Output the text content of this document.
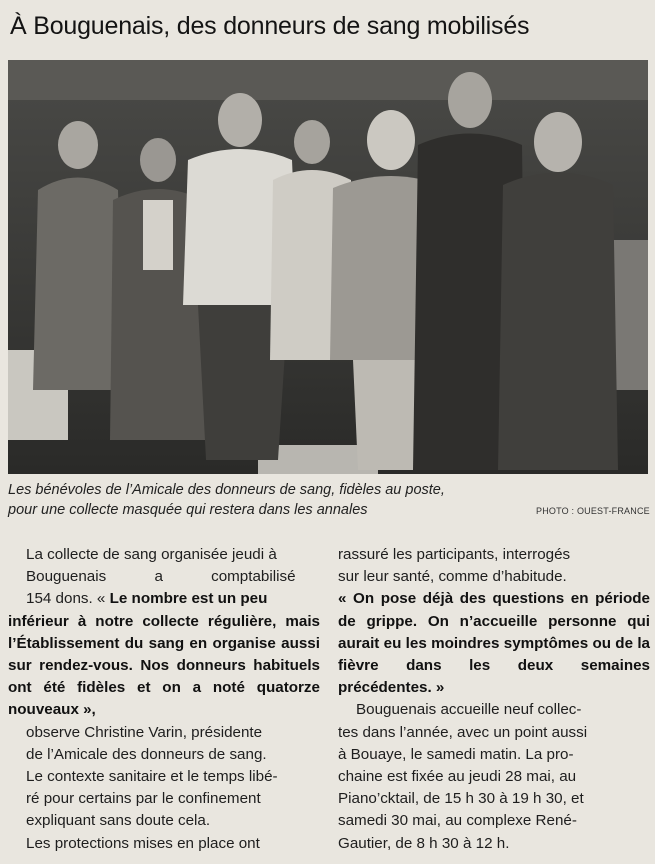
À Bouguenais, des donneurs de sang mobilisés
Les bénévoles de l’Amicale des donneurs de sang, fidèles au poste,
pour une collecte masquée qui restera dans les annales	PHOTO : OUEST-FRANCE

La collecte de sang organisée jeudi à
Bouguenais a comptabilisé
154 dons. « Le nombre est un peu
inférieur à notre collecte régulière, mais l’Établissement du sang en organise aussi sur rendez-vous. Nos donneurs habituels ont été fidèles et on a noté quatorze nouveaux »,
observe Christine Varin, présidente
de l’Amicale des donneurs de sang.
Le contexte sanitaire et le temps libé-
ré pour certains par le confinement
expliquant sans doute cela.

Les protections mises en place ont

rassuré les participants, interrogés
sur leur santé, comme d’habitude.
« On pose déjà des questions en période de grippe. On n’accueille personne qui aurait eu les moindres symptômes ou de la fièvre dans les deux semaines précédentes. »

Bouguenais accueille neuf collec-
tes dans l’année, avec un point aussi
à Bouaye, le samedi matin. La pro-
chaine est fixée au jeudi 28 mai, au
Piano’cktail, de 15 h 30 à 19 h 30, et
samedi 30 mai, au complexe René-
Gautier, de 8 h 30 à 12 h.
